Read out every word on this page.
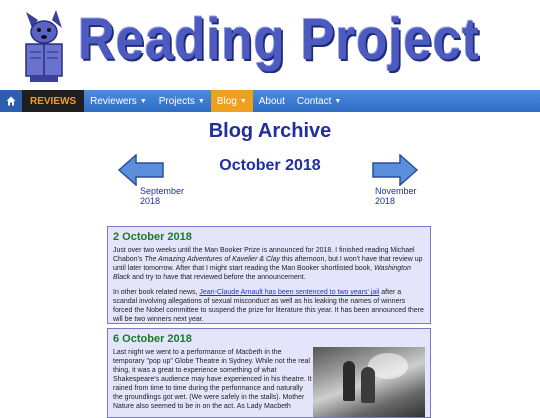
Reading Project
REVIEWS Reviewers ▼ Projects ▼ Blog ▼ About Contact ▼
Blog Archive
October 2018
September
2018
November
2018
2 October 2018

Just over two weeks until the Man Booker Prize is announced for 2018. I finished reading Michael Chabon's The Amazing Adventures of Kavelier & Clay this afternoon, but I won't have that review up until later tomorrow. After that I might start reading the Man Booker shortlisted book, Washington Black and try to have that reviewed before the announcement.

In other book related news, Jean-Claude Arnault has been sentenced to two years' jail after a scandal involving allegations of sexual misconduct as well as his leaking the names of winners forced the Nobel committee to suspend the prize for literature this year. It has been announced there will be two winners next year.

6 October 2018

Last night we went to a performance of Macbeth in the temporary "pop up" Globe Theatre in Sydney. While not the real thing, it was a great to experience something of what Shakespeare's audience may have experienced in his theatre. It rained from time to time during the performance and naturally the groundlings got wet. (We were safely in the stalls). Mother Nature also seemed to be in on the act. As Lady Macbeth
